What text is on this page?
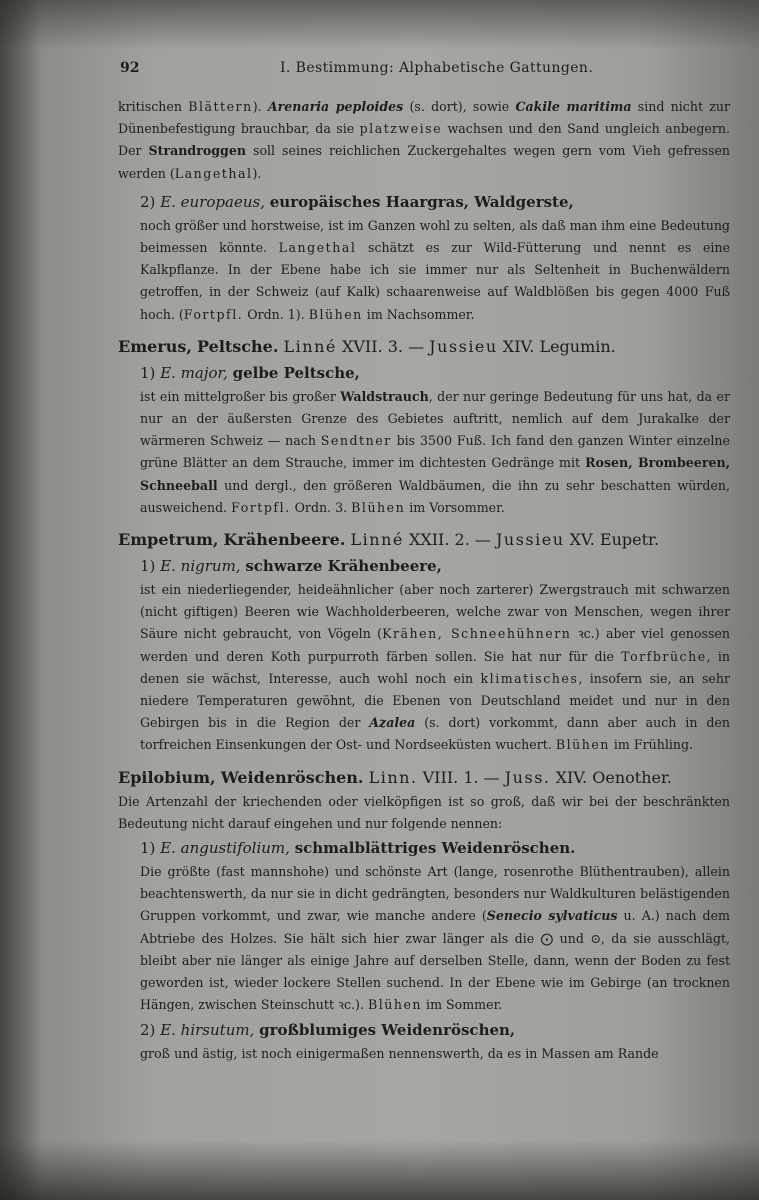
92	I. Bestimmung: Alphabetische Gattungen.

kritischen Blättern). Arenaria peploides (s. dort), sowie Cakile maritima sind nicht zur Dünenbefestigung brauchbar, da sie platzweise wachsen und den Sand ungleich anbegern. Der Strandroggen soll seines reichlichen Zuckergehaltes wegen gern vom Vieh gefressen werden (Langethal).

2) E. europaeus, europäisches Haargras, Waldgerste,

noch größer und horstweise, ist im Ganzen wohl zu selten, als daß man ihm eine Bedeutung beimessen könnte. Langethal schätzt es zur Wild-Fütterung und nennt es eine Kalkpflanze. In der Ebene habe ich sie immer nur als Seltenheit in Buchenwäldern getroffen, in der Schweiz (auf Kalk) schaarenweise auf Waldblößen bis gegen 4000 Fuß hoch. (Fortpfl. Ordn. 1). Blühen im Nachsommer.

Emerus, Peltsche. Linné XVII. 3. — Jussieu XIV. Legumin.
1) E. major, gelbe Peltsche,

ist ein mittelgroßer bis großer Waldstrauch, der nur geringe Bedeutung für uns hat, da er nur an der äußersten Grenze des Gebietes auftritt, nemlich auf dem Jurakalke der wärmeren Schweiz — nach Sendtner bis 3500 Fuß. Ich fand den ganzen Winter einzelne grüne Blätter an dem Strauche, immer im dichtesten Gedränge mit Rosen, Brombeeren, Schneeball und dergl., den größeren Waldbäumen, die ihn zu sehr beschatten würden, ausweichend. Fortpfl. Ordn. 3. Blühen im Vorsommer.

Empetrum, Krähenbeere. Linné XXII. 2. — Jussieu XV. Eupetr.
1) E. nigrum, schwarze Krähenbeere,

ist ein niederliegender, heideähnlicher (aber noch zarterer) Zwergstrauch mit schwarzen (nicht giftigen) Beeren wie Wachholderbeeren, welche zwar von Menschen, wegen ihrer Säure nicht gebraucht, von Vögeln (Krähen, Schneehühnern ꝛc.) aber viel genossen werden und deren Koth purpurroth färben sollen. Sie hat nur für die Torfbrüche, in denen sie wächst, Interesse, auch wohl noch ein klimatisches, insofern sie, an sehr niedere Temperaturen gewöhnt, die Ebenen von Deutschland meidet und nur in den Gebirgen bis in die Region der Azalea (s. dort) vorkommt, dann aber auch in den torfreichen Einsenkungen der Ost- und Nordseeküsten wuchert. Blühen im Frühling.

Epilobium, Weidenröschen. Linn. VIII. 1. — Juss. XIV. Oenother.

Die Artenzahl der kriechenden oder vielköpfigen ist so groß, daß wir bei der beschränkten Bedeutung nicht darauf eingehen und nur folgende nennen:

1) E. angustifolium, schmalblättriges Weidenröschen.

Die größte (fast mannshohe) und schönste Art (lange, rosenrothe Blüthentrauben), allein beachtenswerth, da nur sie in dicht gedrängten, besonders nur Waldkulturen belästigenden Gruppen vorkommt, und zwar, wie manche andere (Senecio sylvaticus u. A.) nach dem Abtriebe des Holzes. Sie hält sich hier zwar länger als die ⨀ und ⊙, da sie ausschlägt, bleibt aber nie länger als einige Jahre auf derselben Stelle, dann, wenn der Boden zu fest geworden ist, wieder lockere Stellen suchend. In der Ebene wie im Gebirge (an trocknen Hängen, zwischen Steinschutt ꝛc.). Blühen im Sommer.

2) E. hirsutum, großblumiges Weidenröschen,

groß und ästig, ist noch einigermaßen nennenswerth, da es in Massen am Rande
